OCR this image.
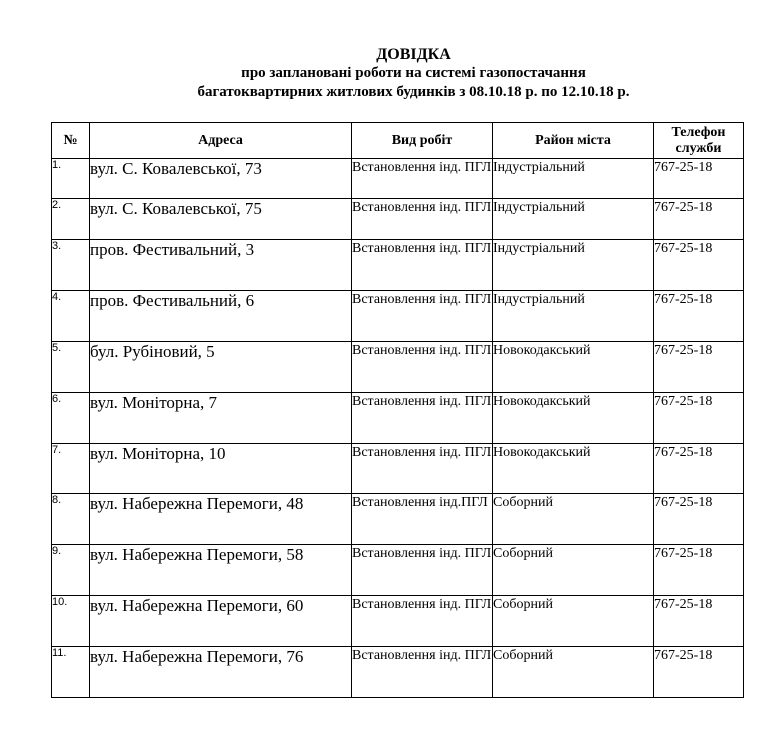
ДОВІДКА
про заплановані роботи на системі газопостачання
багатоквартирних житлових будинків з 08.10.18 р. по 12.10.18 р.
№	Адреса	Вид робіт	Район міста	Телефон служби
1.	вул. С. Ковалевської, 73	Встановлення інд. ПГЛ	Індустріальний	767-25-18
2.	вул. С. Ковалевської, 75	Встановлення інд. ПГЛ	Індустріальний	767-25-18
3.	пров. Фестивальний, 3	Встановлення інд. ПГЛ	Індустріальний	767-25-18
4.	пров. Фестивальний, 6	Встановлення інд. ПГЛ	Індустріальний	767-25-18
5.	бул. Рубіновий, 5	Встановлення інд. ПГЛ	Новокодакський	767-25-18
6.	вул. Моніторна, 7	Встановлення інд. ПГЛ	Новокодакський	767-25-18
7.	вул. Моніторна, 10	Встановлення інд. ПГЛ	Новокодакський	767-25-18
8.	вул. Набережна Перемоги, 48	Встановлення інд.ПГЛ	Соборний	767-25-18
9.	вул. Набережна Перемоги, 58	Встановлення інд. ПГЛ	Соборний	767-25-18
10.	вул. Набережна Перемоги, 60	Встановлення інд. ПГЛ	Соборний	767-25-18
11.	вул. Набережна Перемоги, 76	Встановлення інд. ПГЛ	Соборний	767-25-18
